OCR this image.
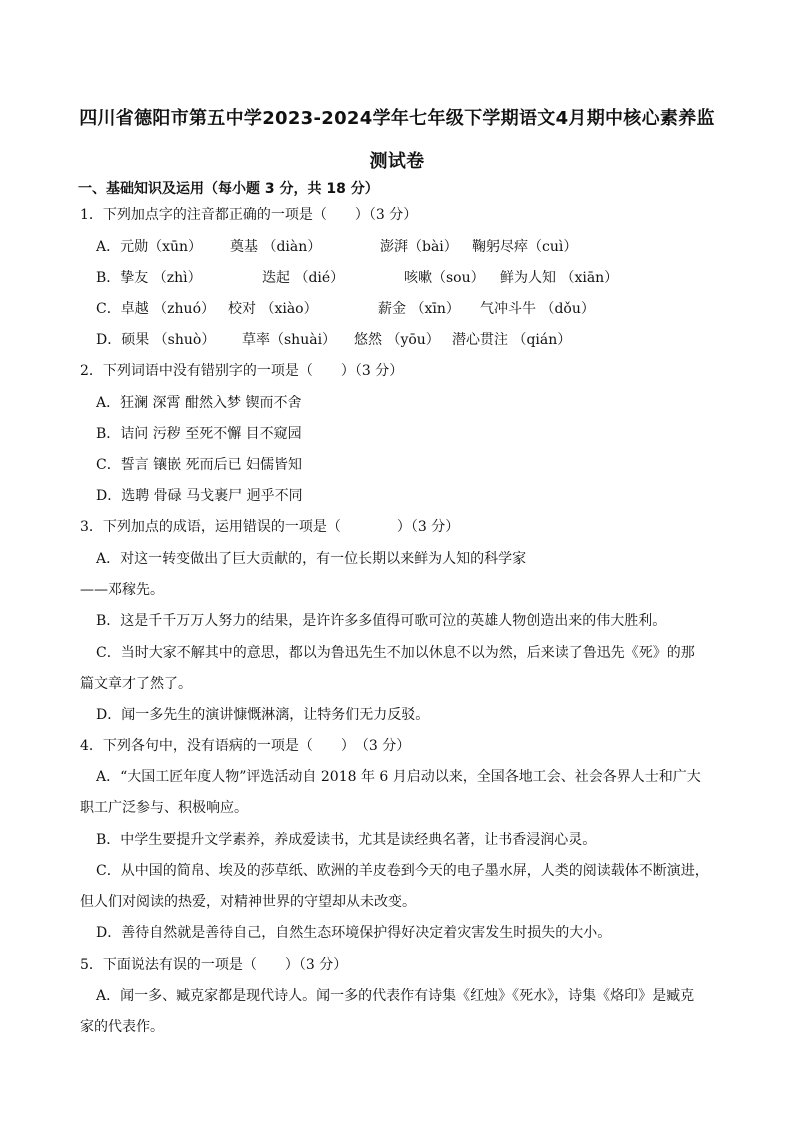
四川省德阳市第五中学2023-2024学年七年级下学期语文4月期中核心素养监
测试卷
一、基础知识及运用（每小题 3 分，共 18 分）
1．下列加点字的注音都正确的一项是（　　）（3 分）
A．元勋（xūn） 奠基 （diàn）	澎湃（bài） 鞠躬尽瘁（cuì）
B．挚友 （zhì）	迭起 （dié）	咳嗽（sou） 鲜为人知 （xiān）
C．卓越 （zhuó） 校对 （xiào）	薪金 （xīn） 气冲斗牛 （dǒu）
D．硕果 （shuò） 草率（shuài） 悠然 （yōu） 潜心贯注 （qián）
2．下列词语中没有错别字的一项是（　　）（3 分）
A．狂澜 深霄 酣然入梦 锲而不舍
B．诘问 污秽 至死不懈 目不窥园
C．誓言 镶嵌 死而后已 妇儒皆知
D．选聘 骨碌 马戈裹尸 迥乎不同
3．下列加点的成语，运用错误的一项是（　　　　）（3 分）
A．对这一转变做出了巨大贡献的，有一位长期以来鲜为人知的科学家
——邓稼先。
B．这是千千万万人努力的结果，是许许多多值得可歌可泣的英雄人物创造出来的伟大胜利。
C．当时大家不解其中的意思，都以为鲁迅先生不加以休息不以为然，后来读了鲁迅先《死》的那
篇文章才了然了。
D．闻一多先生的演讲慷慨淋漓，让特务们无力反驳。
4．下列各句中，没有语病的一项是（　　）　（3 分）
A．“大国工匠年度人物”评选活动自 2018 年 6 月启动以来，全国各地工会、社会各界人士和广大
职工广泛参与、积极响应。
B．中学生要提升文学素养，养成爱读书，尤其是读经典名著，让书香浸润心灵。
C．从中国的简帛、埃及的莎草纸、欧洲的羊皮卷到今天的电子墨水屏，人类的阅读载体不断演进，
但人们对阅读的热爱，对精神世界的守望却从未改变。
D．善待自然就是善待自己，自然生态环境保护得好决定着灾害发生时损失的大小。
5．下面说法有误的一项是（　　）（3 分）
A．闻一多、臧克家都是现代诗人。闻一多的代表作有诗集《红烛》《死水》，诗集《烙印》是臧克
家的代表作。
